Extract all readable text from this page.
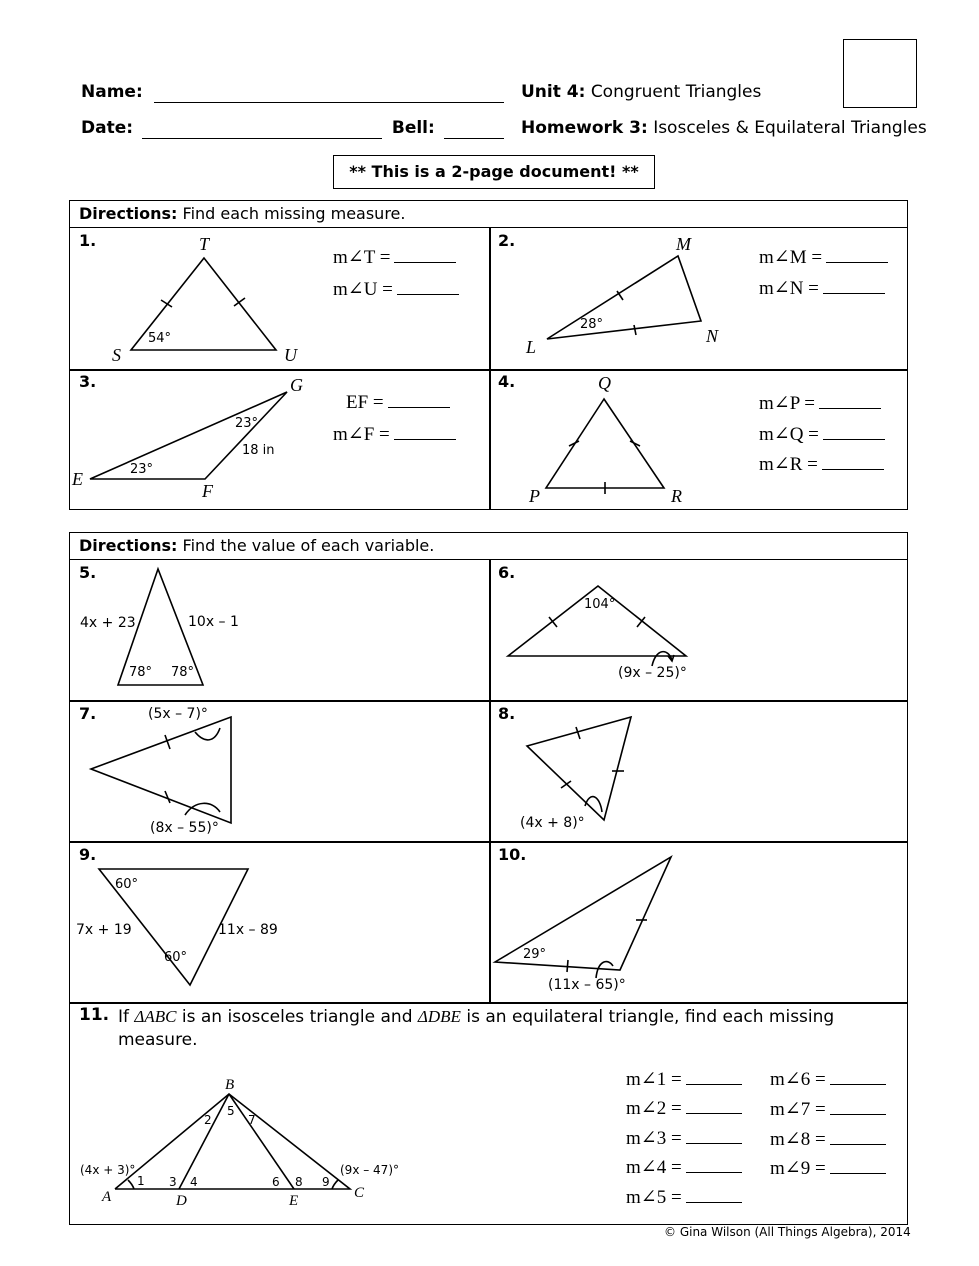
Name:
Date:	Bell:
Unit 4: Congruent Triangles
Homework 3: Isosceles & Equilateral Triangles
** This is a 2-page document! **
Directions: Find each missing measure.
1.	T
S	U
54°
m∠T =
m∠U =
2.	M
L
N
28°
m∠M =
m∠N =
3.	G
E
F
23°
23°
18 in
EF =
m∠F =
4.	Q
P	R
m∠P =
m∠Q =
m∠R =
Directions: Find the value of each variable.
5.
4x + 23	10x – 1
78° 78°
6.
104°
(9x – 25)°
7.	(5x – 7)°
(8x – 55)°
8.
(4x + 8)°
9.
60°
7x + 19	11x – 89
60°
10.
29°
(11x – 65)°
11. If ΔABC is an isosceles triangle and ΔDBE is an equilateral triangle, find each missing
measure.
A
B
C
D	E
(4x + 3)°	(9x – 47)°
1
2
3 4
5
6
7
8 9
m∠1 =
m∠2 =
m∠3 =
m∠4 =
m∠5 =
m∠6 =
m∠7 =
m∠8 =
m∠9 =
© Gina Wilson (All Things Algebra), 2014
